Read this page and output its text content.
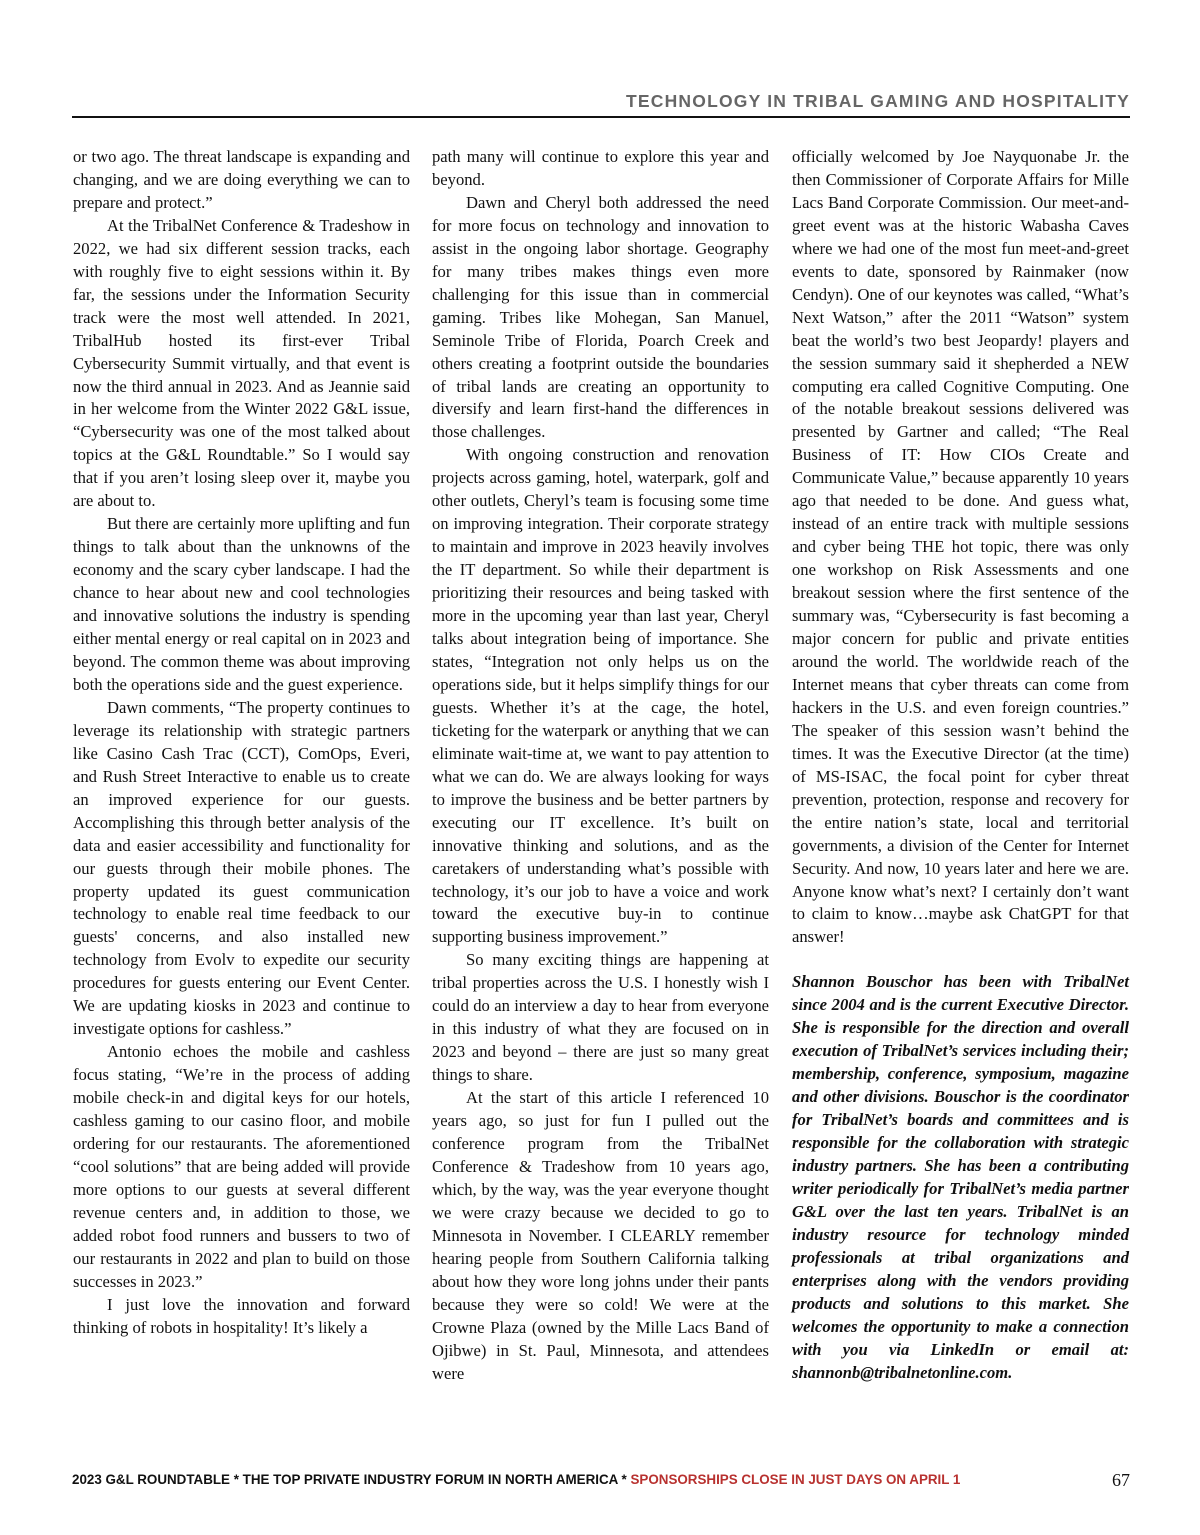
TECHNOLOGY IN TRIBAL GAMING AND HOSPITALITY

or two ago. The threat landscape is expanding and changing, and we are doing everything we can to prepare and protect.”

At the TribalNet Conference & Tradeshow in 2022, we had six different session tracks, each with roughly five to eight sessions within it. By far, the sessions under the Information Security track were the most well attended. In 2021, TribalHub hosted its first-ever Tribal Cybersecurity Summit virtually, and that event is now the third annual in 2023. And as Jeannie said in her welcome from the Winter 2022 G&L issue, “Cybersecurity was one of the most talked about topics at the G&L Roundtable.” So I would say that if you aren’t losing sleep over it, maybe you are about to.

But there are certainly more uplifting and fun things to talk about than the unknowns of the economy and the scary cyber landscape. I had the chance to hear about new and cool technologies and innovative solutions the industry is spending either mental energy or real capital on in 2023 and beyond. The common theme was about improving both the operations side and the guest experience.

Dawn comments, “The property continues to leverage its relationship with strategic partners like Casino Cash Trac (CCT), ComOps, Everi, and Rush Street Interactive to enable us to create an improved experience for our guests. Accomplishing this through better analysis of the data and easier accessibility and functionality for our guests through their mobile phones. The property updated its guest communication technology to enable real time feedback to our guests' concerns, and also installed new technology from Evolv to expedite our security procedures for guests entering our Event Center. We are updating kiosks in 2023 and continue to investigate options for cashless.”

Antonio echoes the mobile and cashless focus stating, “We’re in the process of adding mobile check-in and digital keys for our hotels, cashless gaming to our casino floor, and mobile ordering for our restaurants. The aforementioned “cool solutions” that are being added will provide more options to our guests at several different revenue centers and, in addition to those, we added robot food runners and bussers to two of our restaurants in 2022 and plan to build on those successes in 2023.”

I just love the innovation and forward thinking of robots in hospitality! It’s likely a

path many will continue to explore this year and beyond.

Dawn and Cheryl both addressed the need for more focus on technology and innovation to assist in the ongoing labor shortage. Geography for many tribes makes things even more challenging for this issue than in commercial gaming. Tribes like Mohegan, San Manuel, Seminole Tribe of Florida, Poarch Creek and others creating a footprint outside the boundaries of tribal lands are creating an opportunity to diversify and learn first-hand the differences in those challenges.

With ongoing construction and renovation projects across gaming, hotel, waterpark, golf and other outlets, Cheryl’s team is focusing some time on improving integration. Their corporate strategy to maintain and improve in 2023 heavily involves the IT department. So while their department is prioritizing their resources and being tasked with more in the upcoming year than last year, Cheryl talks about integration being of importance. She states, “Integration not only helps us on the operations side, but it helps simplify things for our guests. Whether it’s at the cage, the hotel, ticketing for the waterpark or anything that we can eliminate wait-time at, we want to pay attention to what we can do. We are always looking for ways to improve the business and be better partners by executing our IT excellence. It’s built on innovative thinking and solutions, and as the caretakers of understanding what’s possible with technology, it’s our job to have a voice and work toward the executive buy-in to continue supporting business improvement.”

So many exciting things are happening at tribal properties across the U.S. I honestly wish I could do an interview a day to hear from everyone in this industry of what they are focused on in 2023 and beyond – there are just so many great things to share.

At the start of this article I referenced 10 years ago, so just for fun I pulled out the conference program from the TribalNet Conference & Tradeshow from 10 years ago, which, by the way, was the year everyone thought we were crazy because we decided to go to Minnesota in November. I CLEARLY remember hearing people from Southern California talking about how they wore long johns under their pants because they were so cold! We were at the Crowne Plaza (owned by the Mille Lacs Band of Ojibwe) in St. Paul, Minnesota, and attendees were

officially welcomed by Joe Nayquonabe Jr. the then Commissioner of Corporate Affairs for Mille Lacs Band Corporate Commission. Our meet-and-greet event was at the historic Wabasha Caves where we had one of the most fun meet-and-greet events to date, sponsored by Rainmaker (now Cendyn). One of our keynotes was called, “What’s Next Watson,” after the 2011 “Watson” system beat the world’s two best Jeopardy! players and the session summary said it shepherded a NEW computing era called Cognitive Computing. One of the notable breakout sessions delivered was presented by Gartner and called; “The Real Business of IT: How CIOs Create and Communicate Value,” because apparently 10 years ago that needed to be done. And guess what, instead of an entire track with multiple sessions and cyber being THE hot topic, there was only one workshop on Risk Assessments and one breakout session where the first sentence of the summary was, “Cybersecurity is fast becoming a major concern for public and private entities around the world. The worldwide reach of the Internet means that cyber threats can come from hackers in the U.S. and even foreign countries.” The speaker of this session wasn’t behind the times. It was the Executive Director (at the time) of MS-ISAC, the focal point for cyber threat prevention, protection, response and recovery for the entire nation’s state, local and territorial governments, a division of the Center for Internet Security. And now, 10 years later and here we are. Anyone know what’s next? I certainly don’t want to claim to know…maybe ask ChatGPT for that answer!

Shannon Bouschor has been with TribalNet since 2004 and is the current Executive Director. She is responsible for the direction and overall execution of TribalNet’s services including their; membership, conference, symposium, magazine and other divisions. Bouschor is the coordinator for TribalNet’s boards and committees and is responsible for the collaboration with strategic industry partners. She has been a contributing writer periodically for TribalNet’s media partner G&L over the last ten years. TribalNet is an industry resource for technology minded professionals at tribal organizations and enterprises along with the vendors providing products and solutions to this market. She welcomes the opportunity to make a connection with you via LinkedIn or email at: shannonb@tribalnetonline.com.

2023 G&L ROUNDTABLE * THE TOP PRIVATE INDUSTRY FORUM IN NORTH AMERICA * SPONSORSHIPS CLOSE IN JUST DAYS ON APRIL 1	67
